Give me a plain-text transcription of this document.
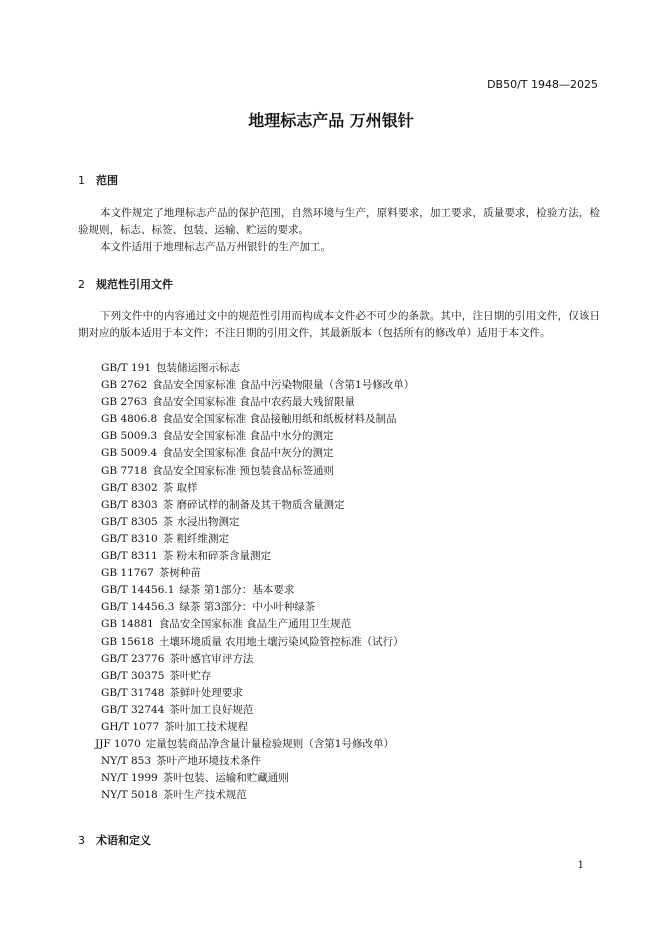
DB50/T 1948—2025
地理标志产品 万州银针
1 范围

本文件规定了地理标志产品的保护范围，自然环境与生产，原料要求，加工要求，质量要求，检验方法，检验规则，标志、标签、包装、运输、贮运的要求。

本文件适用于地理标志产品万州银针的生产加工。

2 规范性引用文件

下列文件中的内容通过文中的规范性引用而构成本文件必不可少的条款。其中，注日期的引用文件，仅该日期对应的版本适用于本文件；不注日期的引用文件，其最新版本（包括所有的修改单）适用于本文件。

GB/T 191 包装储运图示标志
GB 2762 食品安全国家标准 食品中污染物限量（含第1号修改单）
GB 2763 食品安全国家标准 食品中农药最大残留限量
GB 4806.8 食品安全国家标准 食品接触用纸和纸板材料及制品
GB 5009.3 食品安全国家标准 食品中水分的测定
GB 5009.4 食品安全国家标准 食品中灰分的测定
GB 7718 食品安全国家标准 预包装食品标签通则
GB/T 8302 茶 取样
GB/T 8303 茶 磨碎试样的制备及其干物质含量测定
GB/T 8305 茶 水浸出物测定
GB/T 8310 茶 粗纤维测定
GB/T 8311 茶 粉末和碎茶含量测定
GB 11767 茶树种苗
GB/T 14456.1 绿茶 第1部分：基本要求
GB/T 14456.3 绿茶 第3部分：中小叶种绿茶
GB 14881 食品安全国家标准 食品生产通用卫生规范
GB 15618 土壤环境质量 农用地土壤污染风险管控标准（试行）
GB/T 23776 茶叶感官审评方法
GB/T 30375 茶叶贮存
GB/T 31748 茶鲜叶处理要求
GB/T 32744 茶叶加工良好规范
GH/T 1077 茶叶加工技术规程
JJF 1070 定量包装商品净含量计量检验规则（含第1号修改单）
NY/T 853 茶叶产地环境技术条件
NY/T 1999 茶叶包装、运输和贮藏通则
NY/T 5018 茶叶生产技术规范
3 术语和定义
1
